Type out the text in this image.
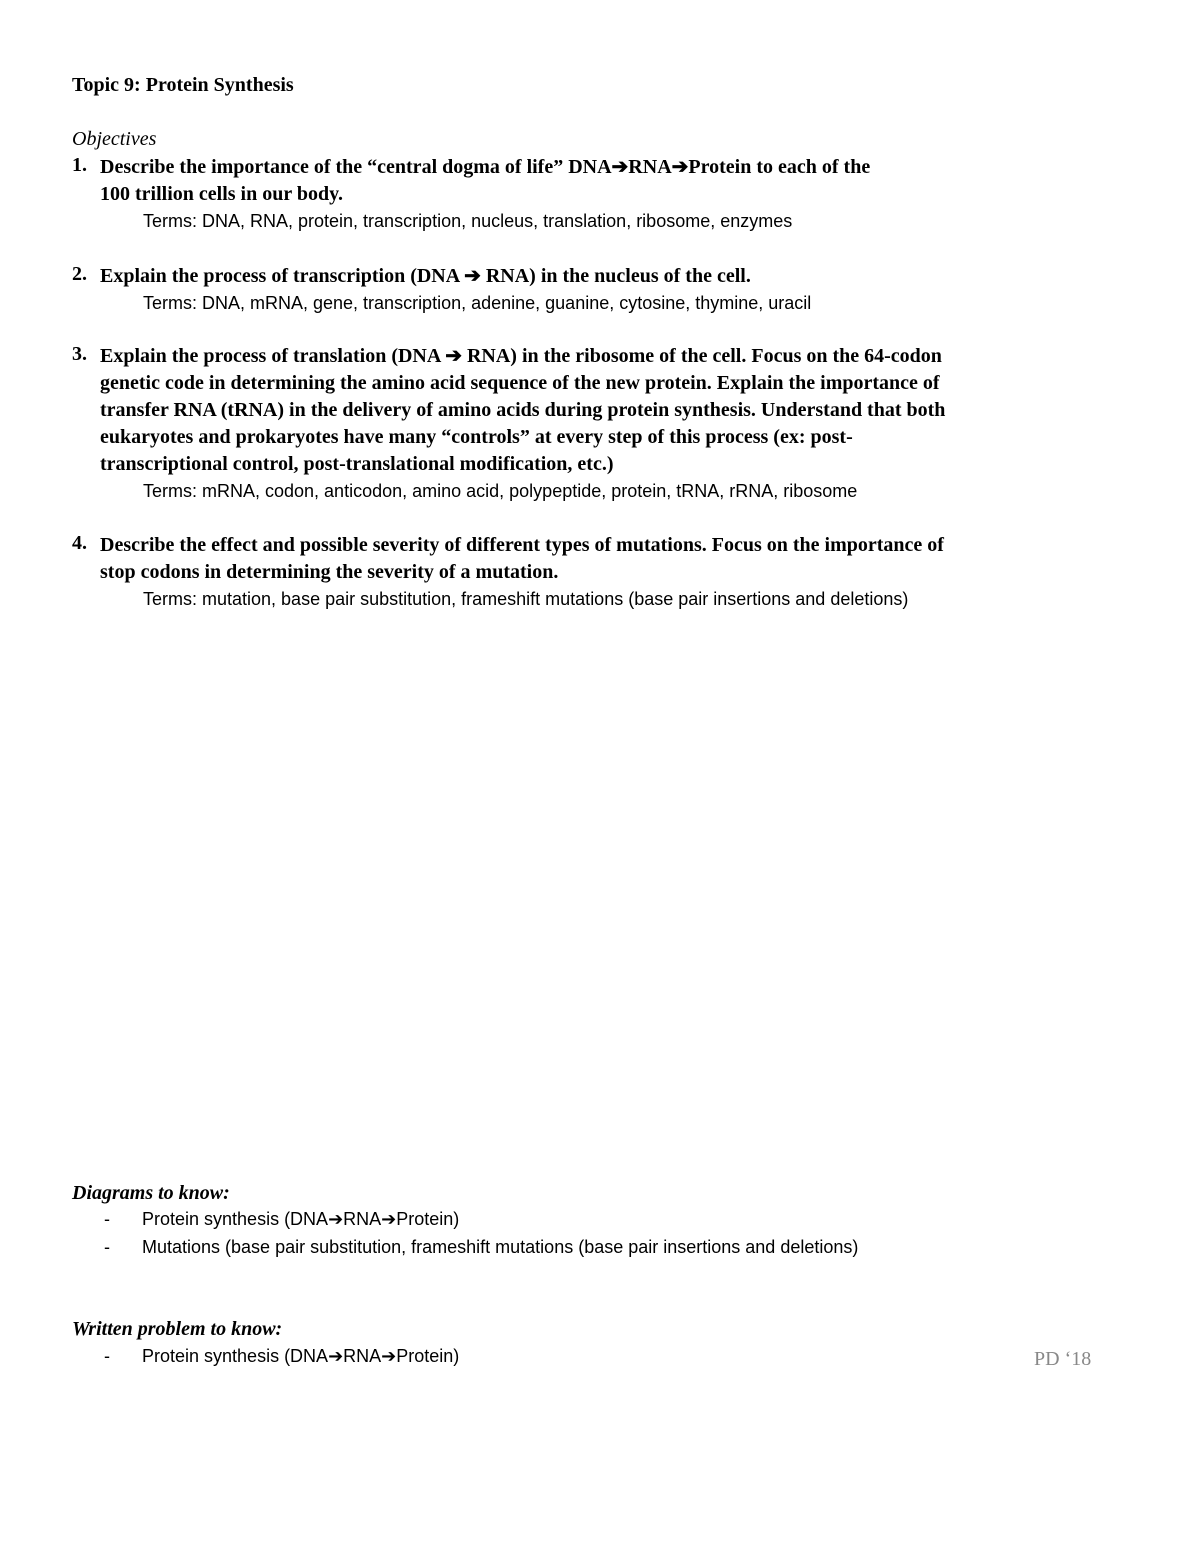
Topic 9: Protein Synthesis
Objectives
1. Describe the importance of the “central dogma of life” DNA➔RNA➔Protein to each of the
100 trillion cells in our body.
Terms: DNA, RNA, protein, transcription, nucleus, translation, ribosome, enzymes
2. Explain the process of transcription (DNA ➔ RNA) in the nucleus of the cell.
Terms: DNA, mRNA, gene, transcription, adenine, guanine, cytosine, thymine, uracil
3. Explain the process of translation (DNA ➔ RNA) in the ribosome of the cell. Focus on the 64-codon
genetic code in determining the amino acid sequence of the new protein. Explain the importance of
transfer RNA (tRNA) in the delivery of amino acids during protein synthesis. Understand that both
eukaryotes and prokaryotes have many “controls” at every step of this process (ex: post-
transcriptional control, post-translational modification, etc.)
Terms: mRNA, codon, anticodon, amino acid, polypeptide, protein, tRNA, rRNA, ribosome
4. Describe the effect and possible severity of different types of mutations. Focus on the importance of
stop codons in determining the severity of a mutation.
Terms: mutation, base pair substitution, frameshift mutations (base pair insertions and deletions)
Diagrams to know:
- Protein synthesis (DNA➔RNA➔Protein)
- Mutations (base pair substitution, frameshift mutations (base pair insertions and deletions)
Written problem to know:
- Protein synthesis (DNA➔RNA➔Protein)	PD ‘18
